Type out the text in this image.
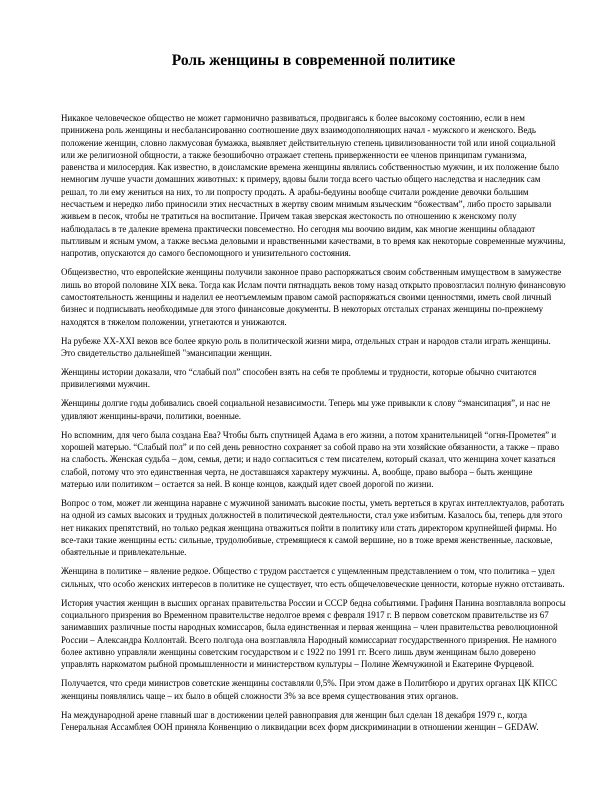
Роль женщины в современной политике

Никакое человеческое общество не может гармонично развиваться, продвигаясь к более высокому состоянию, если в нем принижена роль женщины и несбалансированно соотношение двух взаимодополняющих начал - мужского и женского. Ведь положение женщин, словно лакмусовая бумажка, выявляет действительную степень цивилизованности той или иной социальной или же религиозной общности, а также безошибочно отражает степень приверженности ее членов принципам гуманизма, равенства и милосердия. Как известно, в доисламские времена женщины являлись собственностью мужчин, и их положение было немногим лучше участи домашних животных: к примеру, вдовы были тогда всего частью общего наследства и наследник сам решал, то ли ему жениться на них, то ли попросту продать. А арабы-бедуины вообще считали рождение девочки большим несчастьем и нередко либо приносили этих несчастных в жертву своим мнимым языческим “божествам”, либо просто зарывали живьем в песок, чтобы не тратиться на воспитание. Причем такая зверская жестокость по отношению к женскому полу наблюдалась в те далекие времена практически повсеместно. Но сегодня мы воочию видим, как многие женщины обладают пытливым и ясным умом, а также весьма деловыми и нравственными качествами, в то время как некоторые современные мужчины, напротив, опускаются до самого беспомощного и унизительного состояния.

Общеизвестно, что европейские женщины получили законное право распоряжаться своим собственным имуществом в замужестве лишь во второй половине XIX века. Тогда как Ислам почти пятнадцать веков тому назад открыто провозгласил полную финансовую самостоятельность женщины и наделил ее неотъемлемым правом самой распоряжаться своими ценностями, иметь свой личный бизнес и подписывать необходимые для этого финансовые документы. В некоторых отсталых странах женщины по-прежнему находятся в тяжелом положении, угнетаются и унижаются.

На рубеже XX-XXI веков все более яркую роль в политической жизни мира, отдельных стран и народов стали играть женщины. Это свидетельство дальнейшей "эмансипации женщин.

Женщины истории доказали, что “слабый пол” способен взять на себя те проблемы и трудности, которые обычно считаются привилегиями мужчин.

Женщины долгие годы добивались своей социальной независимости. Теперь мы уже привыкли к слову “эмансипация”, и нас не удивляют женщины-врачи, политики, военные.

Но вспомним, для чего была создана Ева? Чтобы быть спутницей Адама в его жизни, а потом хранительницей “огня-Прометея” и хорошей матерью. “Слабый пол” и по сей день ревностно сохраняет за собой право на эти хозяйские обязанности, а также – право на слабость. Женская судьба – дом, семья, дети; и надо согласиться с тем писателем, который сказал, что женщина хочет казаться слабой, потому что это единственная черта, не доставшаяся характеру мужчины. А, вообще, право выбора – быть женщине матерью или политиком – остается за ней. В конце концов, каждый идет своей дорогой по жизни.

Вопрос о том, может ли женщина наравне с мужчиной занимать высокие посты, уметь вертеться в кругах интеллектуалов, работать на одной из самых высоких и трудных должностей в политической деятельности, стал уже избитым. Казалось бы, теперь для этого нет никаких препятствий, но только редкая женщина отважиться пойти в политику или стать директором крупнейшей фирмы. Но все-таки такие женщины есть: сильные, трудолюбивые, стремящиеся к самой вершине, но в тоже время женственные, ласковые, обаятельные и привлекательные.

Женщина в политике – явление редкое. Общество с трудом расстается с ущемленным представлением о том, что политика – удел сильных, что особо женских интересов в политике не существует, что есть общечеловеческие ценности, которые нужно отстаивать.

История участия женщин в высших органах правительства России и СССР бедна событиями. Графиня Панина возглавляла вопросы социального призрения во Временном правительстве недолгое время с февраля 1917 г. В первом советском правительстве из 67 занимавших различные посты народных комиссаров, была единственная и первая женщина – член правительства революционной России – Александра Коллонтай. Всего полгода она возглавляла Народный комиссариат государственного призрения. Не намного более активно управляли женщины советским государством и с 1922 по 1991 гг. Всего лишь двум женщинам было доверено управлять наркоматом рыбной промышленности и министерством культуры – Полине Жемчужиной и Екатерине Фурцевой.

Получается, что среди министров советские женщины составляли 0,5%. При этом даже в Политбюро и других органах ЦК КПСС женщины появлялись чаще – их было в общей сложности 3% за все время существования этих органов.

На международной арене главный шаг в достижении целей равноправия для женщин был сделан 18 декабря 1979 г., когда Генеральная Ассамблея ООН приняла Конвенцию о ликвидации всех форм дискриминации в отношении женщин – GEDAW.
